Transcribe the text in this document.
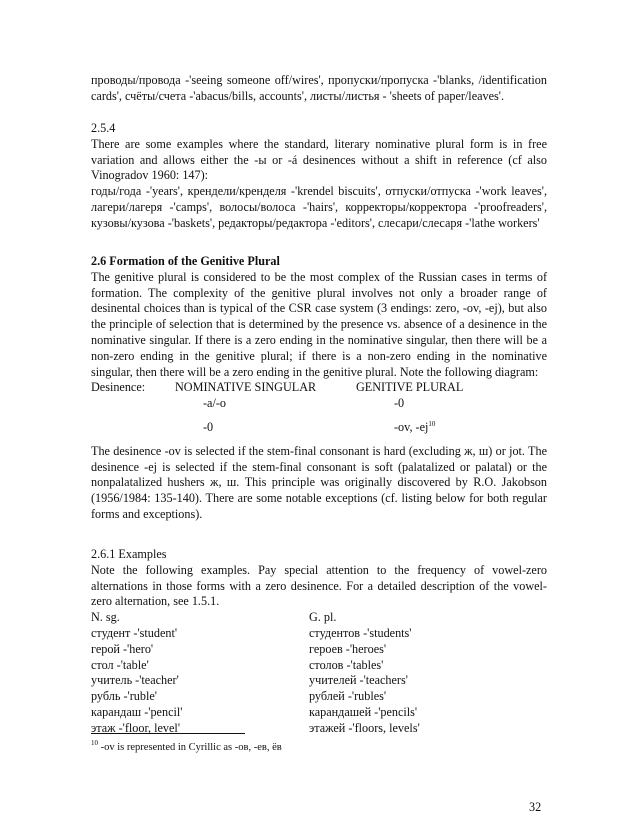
проводы/провода -'seeing someone off/wires', пропуски/пропуска -'blanks, /identification cards', счёты/счета -'abacus/bills, accounts', листы/листья - 'sheets of paper/leaves'.

2.5.4

There are some examples where the standard, literary nominative plural form is in free variation and allows either the -ы or -á desinences without a shift in reference (cf also Vinogradov 1960: 147):

годы/года -'years', крендели/кренделя -'krendel biscuits', отпуски/отпуска -'work leaves', лагери/лагеря -'camps', волосы/волоса -'hairs', корректоры/корректора -'proofreaders', кузовы/кузова -'baskets', редакторы/редактора -'editors', слесари/слесаря -'lathe workers'

2.6 Formation of the Genitive Plural

The genitive plural is considered to be the most complex of the Russian cases in terms of formation. The complexity of the genitive plural involves not only a broader range of desinental choices than is typical of the CSR case system (3 endings: zero, -ov, -ej), but also the principle of selection that is determined by the presence vs. absence of a desinence in the nominative singular. If there is a zero ending in the nominative singular, then there will be a non-zero ending in the genitive plural; if there is a non-zero ending in the nominative singular, then there will be a zero ending in the genitive plural. Note the following diagram:

Desinence: NOMINATIVE SINGULAR	GENITIVE PLURAL
-a/-o	-0
-0	-ov, $-ej^{10}$

The desinence -ov is selected if the stem-final consonant is hard (excluding ж, ш) or jot. The desinence -ej is selected if the stem-final consonant is soft (palatalized or palatal) or the nonpalatalized hushers ж, ш. This principle was originally discovered by R.O. Jakobson (1956/1984: 135-140). There are some notable exceptions (cf. listing below for both regular forms and exceptions).

2.6.1 Examples

Note the following examples. Pay special attention to the frequency of vowel-zero alternations in those forms with a zero desinence. For a detailed description of the vowel-zero alternation, see 1.5.1.

N. sg.	G. pl.
студент -'student'	студентов -'students'
герой -'hero'	героев -'heroes'
стол -'table'	столов -'tables'
учитель -'teacher'	учителей -'teachers'
рубль -'ruble'	рублей -'rubles'
карандаш -'pencil'	карандашей -'pencils'
этаж -'floor, level'	этажей -'floors, levels'
$^{10}$ -ov is represented in Cyrillic as -ов, -ев, ёв
32
